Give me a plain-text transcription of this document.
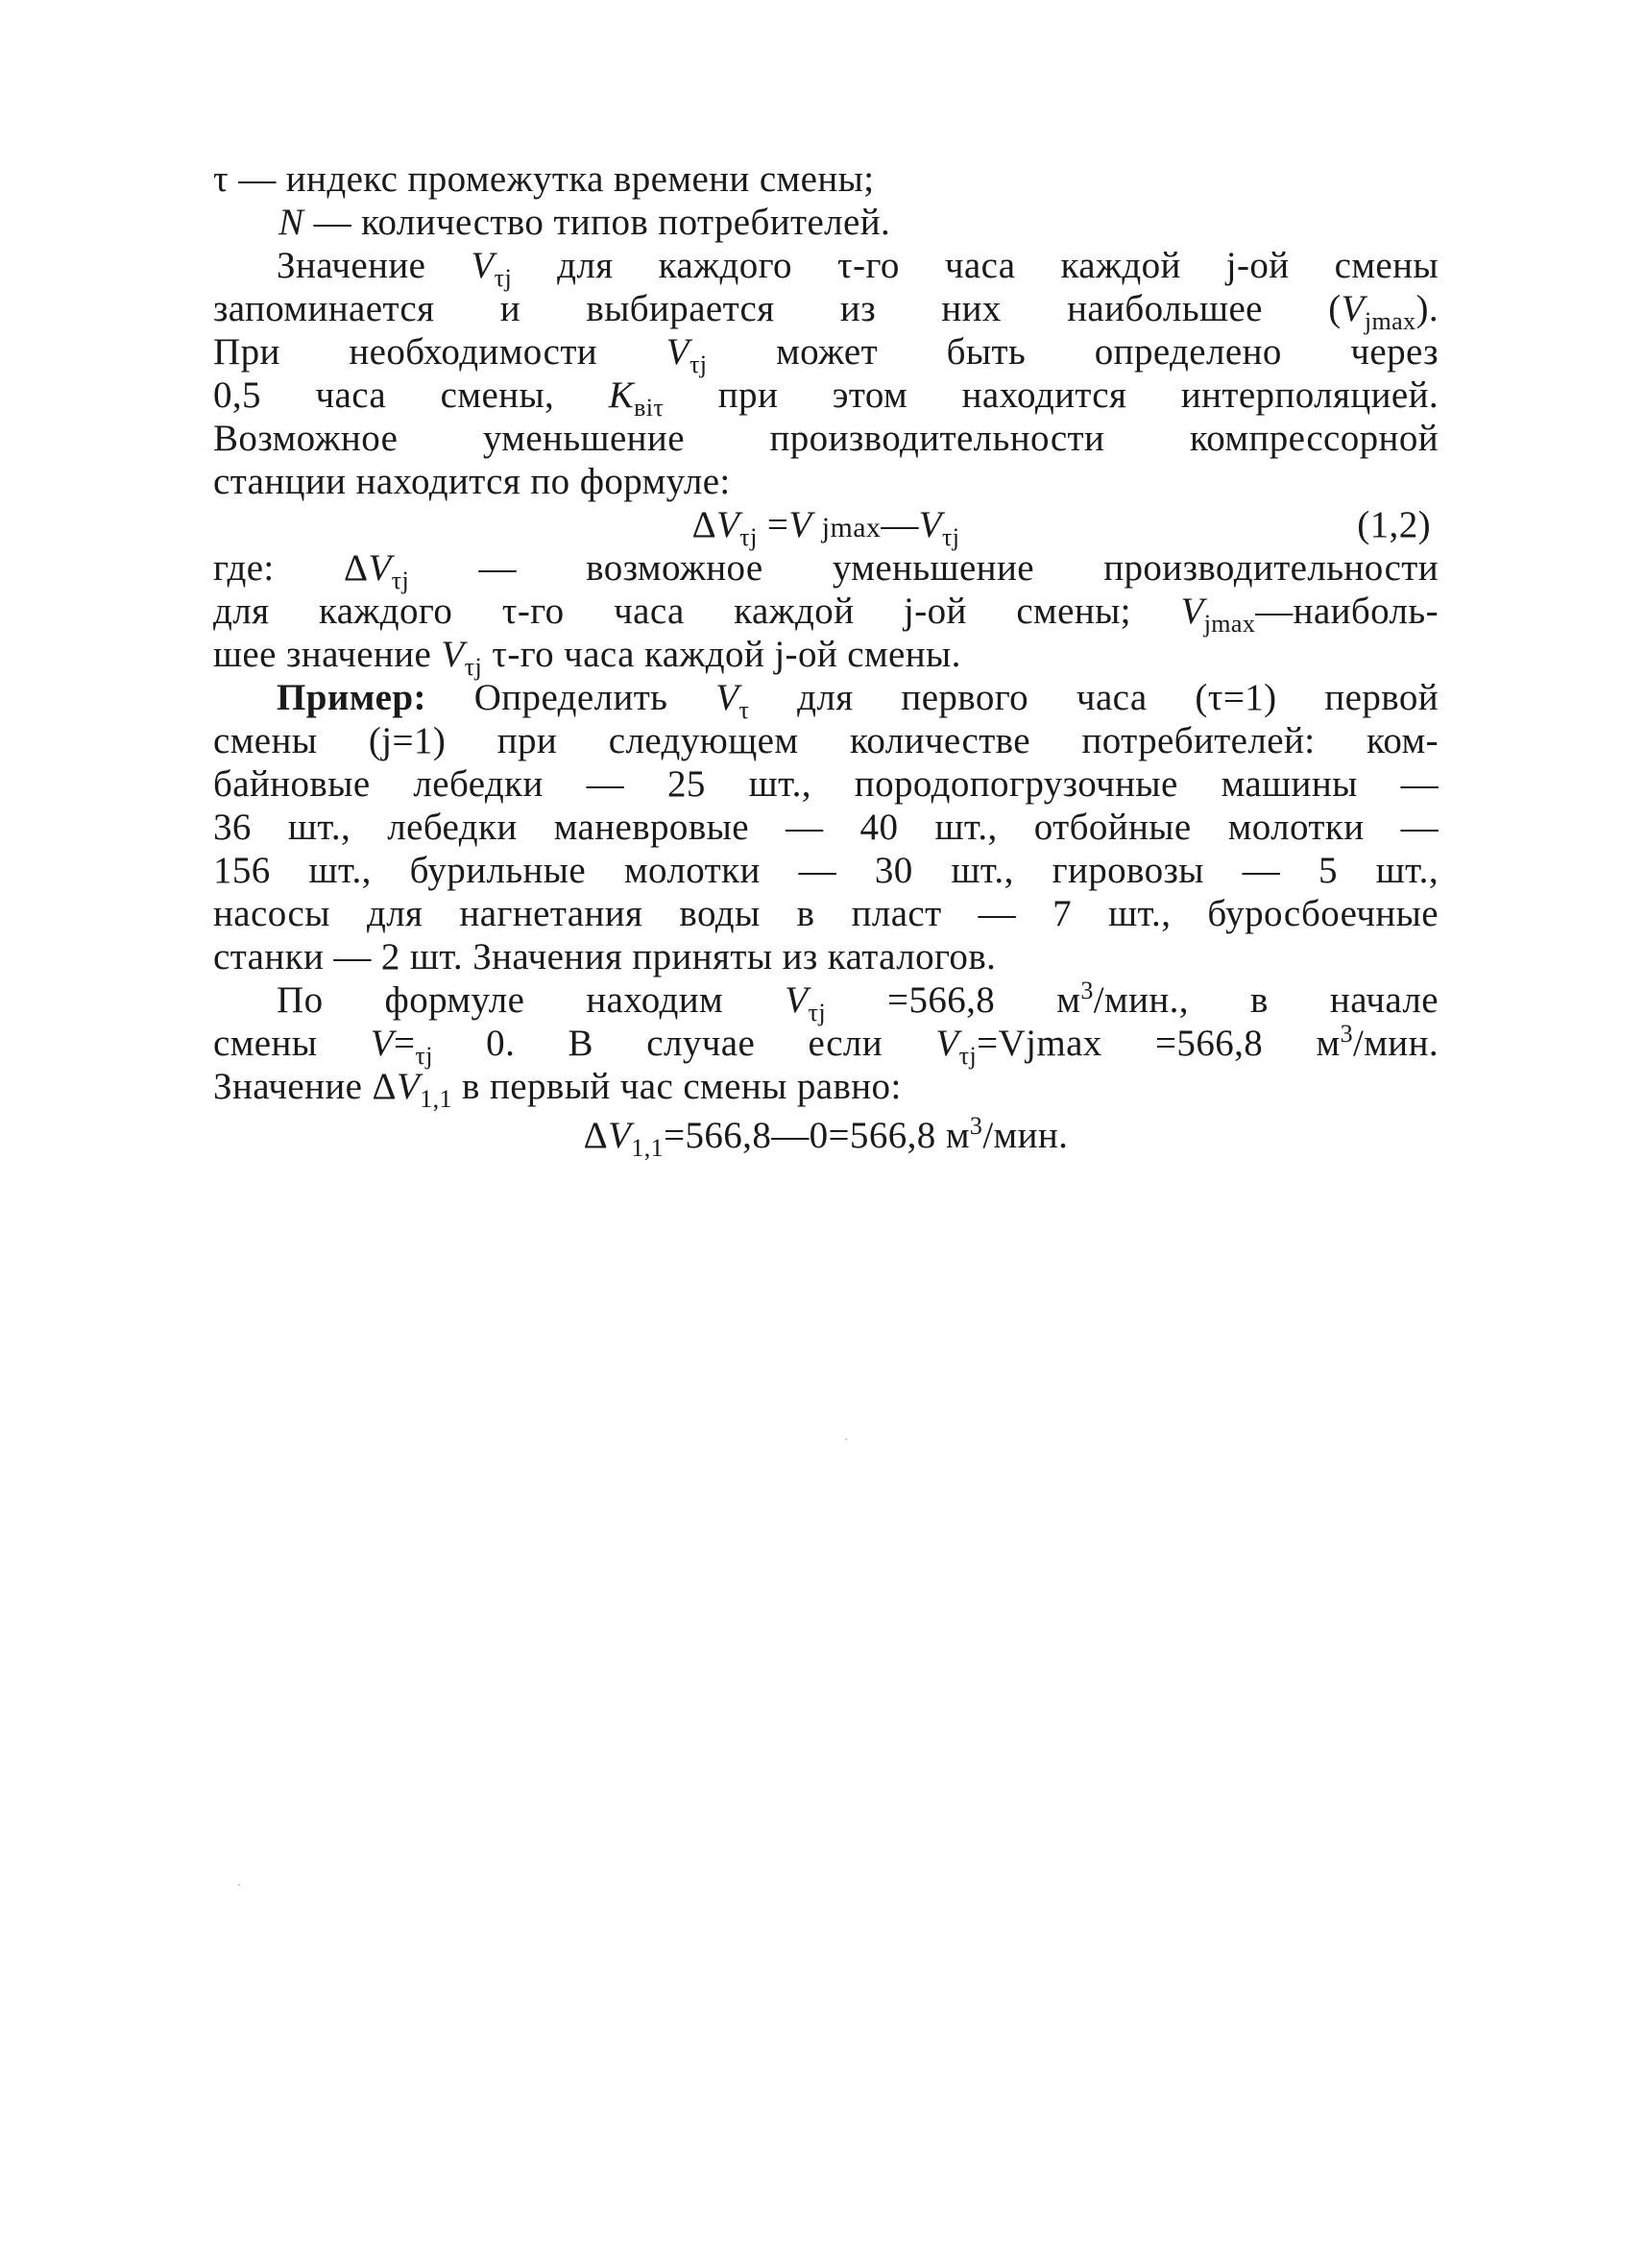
τ — индекс промежутка времени смены;
N — количество типов потребителей.
Значение $V_{\tau j}$ для каждого τ-го часа каждой j-ой смены
запоминается и выбирается из них наибольшее $(V_{jmax})$.
При необходимости $V_{\tau j}$ может быть определено через
0,5 часа смены, $К_{ві\tau}$ при этом находится интерполяцией.
Возможное уменьшение производительности компрессорной
станции находится по формуле:
$\Delta V_{\tau j} =V$ $jmax—V_{\tau j}$	(1,2)
где: $\Delta V_{\tau j}$ — возможное уменьшение производительности
для каждого τ-го часа каждой j-ой смены; $V_{jmax}—наиболь-$
шее значение $V_{\tau j}$ τ-го часа каждой j-ой смены.
Пример: Определить $V_\tau$ для первого часа (τ=1) первой
смены (j=1) при следующем количестве потребителей: ком-
байновые лебедки — 25 шт., породопогрузочные машины —
36 шт., лебедки маневровые — 40 шт., отбойные молотки —
156 шт., бурильные молотки — 30 шт., гировозы — 5 шт.,
насосы для нагнетания воды в пласт — 7 шт., буросбоечные
станки — 2 шт. Значения приняты из каталогов.
По формуле находим $V_{\tau j} =566,8$ $м^3$/мин., в начале
смены $V=_{\tau j}$ 0. В случае если $V_{\tau j}=Vjmax =566,8$ $м^3$/мин.
Значение $\Delta V_{1,1}$ в первый час смены равно:
$\Delta V_{1,1}=566,8—0=566,8$ $м^3$/мин.
